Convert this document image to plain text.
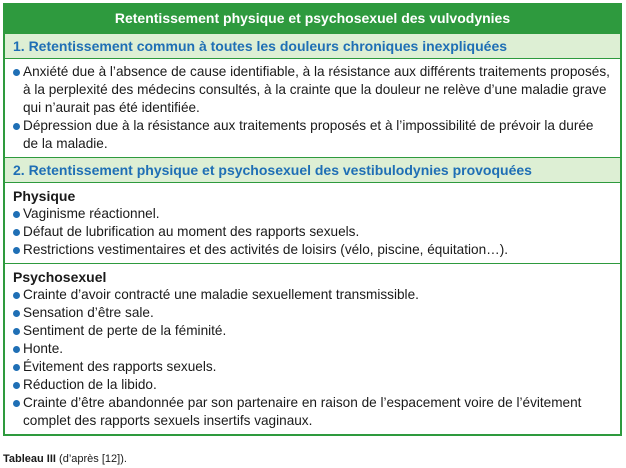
Retentissement physique et psychosexuel des vulvodynies
1. Retentissement commun à toutes les douleurs chroniques inexpliquées
Anxiété due à l’absence de cause identifiable, à la résistance aux différents traitements proposés, à la perplexité des médecins consultés, à la crainte que la douleur ne relève d’une maladie grave qui n’aurait pas été identifiée.
Dépression due à la résistance aux traitements proposés et à l’impossibilité de prévoir la durée de la maladie.
2. Retentissement physique et psychosexuel des vestibulodynies provoquées
Physique
Vaginisme réactionnel.
Défaut de lubrification au moment des rapports sexuels.
Restrictions vestimentaires et des activités de loisirs (vélo, piscine, équitation…).
Psychosexuel
Crainte d’avoir contracté une maladie sexuellement transmissible.
Sensation d’être sale.
Sentiment de perte de la féminité.
Honte.
Évitement des rapports sexuels.
Réduction de la libido.
Crainte d’être abandonnée par son partenaire en raison de l’espacement voire de l’évitement complet des rapports sexuels insertifs vaginaux.
Tableau III (d’après [12]).
